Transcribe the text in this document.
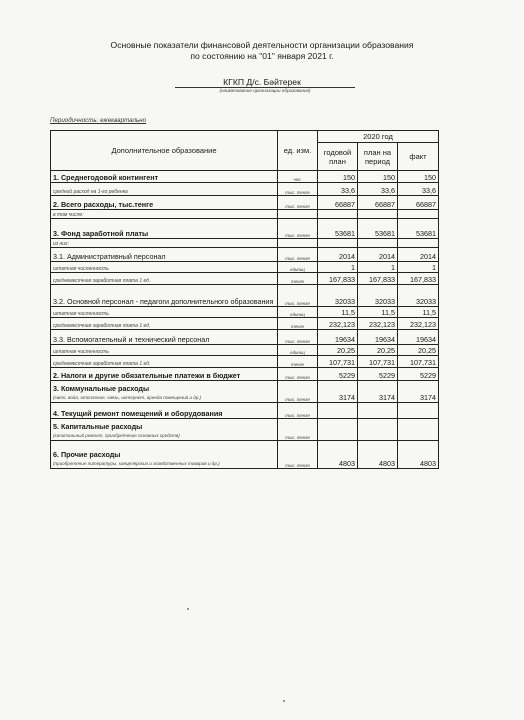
Основные показатели финансовой деятельности организации образования
по состоянию на "01" января 2021 г.
КГКП Д/с. Бәйтерек
(наименование организации образования)
Периодичность: ежеквартально
Дополнительное образование	ед. изм.	2020 год		
		годовой план	план на период	факт
1. Среднегодовой контингент	чел.	150	150	150
средний расход на 1-го ребенка	тыс. тенге	33,6	33,6	33,6
2. Всего расходы, тыс.тенге	тыс. тенге	66887	66887	66887
в том числе:				
3. Фонд заработной платы	тыс. тенге	53681	53681	53681
из них:				
3.1. Административный персонал	тыс. тенге	2014	2014	2014
штатная численность	единиц	1	1	1
среднемесячная заработная плата 1 ед.	тенге	167,833	167,833	167,833
3.2. Основной персонал - педагоги дополнительного образования	тыс. тенге	32033	32033	32033
штатная численность	единиц	11,5	11,5	11,5
среднемесячная заработная плата 1 ед.	тенге	232,123	232,123	232,123
3.3. Вспомогательный и технический персонал	тыс. тенге	19634	19634	19634
штатная численность	единиц	20,25	20,25	20,25
среднемесячная заработная плата 1 ед.	тенге	107,731	107,731	107,731
2. Налоги и другие обязательные платежи в бюджет	тыс. тенге	5229	5229	5229
3. Коммунальные расходы
(свет, вода, отопление, связь, интернет, аренда помещений и др.)	тыс. тенге	3174	3174	3174
4. Текущий ремонт помещений и оборудования	тыс. тенге			
5. Капитальные расходы
(капитальный ремонт, приобретение основных средств)	тыс. тенге			
6. Прочие расходы
(приобретение литературы, канцелярских и хозяйственных товаров и др.)	тыс. тенге	4803	4803	4803
